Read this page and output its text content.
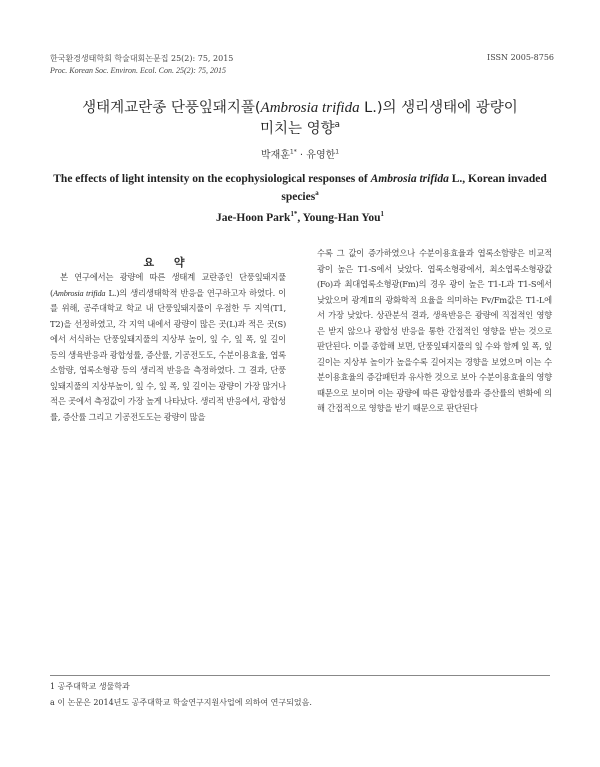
한국환경생태학회 학술대회논문집 25(2): 75, 2015
Proc. Korean Soc. Environ. Ecol. Con. 25(2): 75, 2015
ISSN 2005-8756
생태계교란종 단풍잎돼지풀(Ambrosia trifida L.)의 생리생태에 광량이
미치는 영향$^a$
박재훈$^{1*}$ · 유영한$^1$
The effects of light intensity on the ecophysiological responses of Ambrosia trifida L., Korean invaded species$^a$
Jae-Hoon Park$^{1*}$, Young-Han You$^1$
요 약

본 연구에서는 광량에 따른 생태계 교란종인 단풍잎돼지풀(Ambrosia trifida L.)의 생리생태학적 반응을 연구하고자 하였다. 이를 위해, 공주대학교 학교 내 단풍잎돼지풀이 우점한 두 지역(T1, T2)을 선정하였고, 각 지역 내에서 광량이 많은 곳(L)과 적은 곳(S)에서 서식하는 단풍잎돼지풀의 지상부 높이, 잎 수, 잎 폭, 잎 길이 등의 생육반응과 광합성률, 증산률, 기공전도도, 수분이용효율, 엽록소함량, 엽록소형광 등의 생리적 반응을 측정하였다. 그 결과, 단풍잎돼지풀의 지상부높이, 잎 수, 잎 폭, 잎 길이는 광량이 가장 많거나 적은 곳에서 측정값이 가장 높게 나타났다. 생리적 반응에서, 광합성률, 증산률 그리고 기공전도도는 광량이 많을

수록 그 값이 증가하였으나 수분이용효율과 엽록소함량은 비교적 광이 높은 T1-S에서 낮았다. 엽록소형광에서, 최소엽록소형광값(Fo)과 최대엽록소형광(Fm)의 경우 광이 높은 T1-L과 T1-S에서 낮았으며 광계Ⅱ의 광화학적 요율을 의미하는 Fv/Fm값은 T1-L에서 가장 낮았다. 상관분석 결과, 생육반응은 광량에 직접적인 영향은 받지 않으나 광합성 반응을 통한 간접적인 영향을 받는 것으로 판단된다. 이를 종합해 보면, 단풍잎돼지풀의 잎 수와 함께 잎 폭, 잎 길이는 지상부 높이가 높을수록 길어지는 경향을 보였으며 이는 수분이용효율의 증감패턴과 유사한 것으로 보아 수분이용효율의 영향 때문으로 보이며 이는 광량에 따른 광합성률과 증산률의 변화에 의해 간접적으로 영향을 받기 때문으로 판단된다

1 공주대학교 생물학과
a 이 논문은 2014년도 공주대학교 학술연구지원사업에 의하여 연구되었음.
